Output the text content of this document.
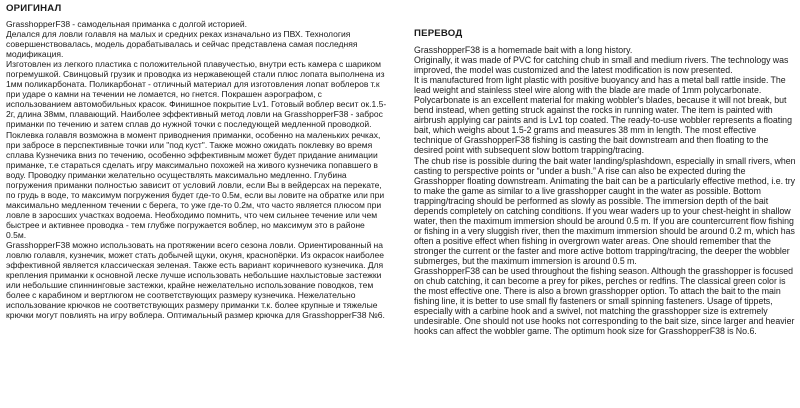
ОРИГИНАЛ

GrasshopperF38 - самодельная приманка с долгой историей.

Делался для ловли голавля на малых и средних реках изначально из ПВХ. Технология совершенствовалась, модель дорабатывалась и сейчас представлена самая последняя модификация.

Изготовлен из легкого пластика с положительной плавучестью, внутри есть камера с шариком погремушкой. Свинцовый грузик и проводка из нержавеющей стали плюс лопата выполнена из 1мм поликарбоната. Поликарбонат - отличный материал для изготовления лопат воблеров т.к при ударе о камни на течении не ломается, но гнется. Покрашен аэрографом, с использованием автомобильных красок. Финишное покрытие Lv1. Готовый воблер весит ок.1.5-2г, длина 38мм, плавающий. Наиболее эффективный метод ловли на GrasshopperF38 - заброс приманки по течению и затем сплав до нужной точки с последующей медленной проводкой.

Поклевка голавля возможна в момент приводнения приманки, особенно на маленьких речках, при забросе в перспективные точки или "под куст". Также можно ожидать поклевку во время сплава Кузнечика вниз по течению, особенно эффективным может будет придание анимации приманке, т.е стараться сделать игру максимально похожей на живого кузнечика попавшего в воду. Проводку приманки желательно осуществлять максимально медленно. Глубина погружения приманки полностью зависит от условий ловли, если Вы в вейдерсах на перекате, по грудь в воде, то максимум погружения будет где-то 0.5м, если вы ловите на обратке или при максимально медленном течении с берега, то уже где-то 0.2м, что часто является плюсом при ловле в заросших участках водоема. Необходимо помнить, что чем сильнее течение или чем быстрее и активнее проводка - тем глубже погружается воблер, но максимум это в районе 0.5м.

GrasshopperF38 можно использовать на протяжении всего сезона ловли. Ориентированный на ловлю голавля, кузнечик, может стать добычей щуки, окуня, краснопёрки. Из окрасок наиболее эффективной является классическая зеленая. Также есть вариант коричневого кузнечика. Для крепления приманки к основной леске лучше использовать небольшие нахлыстовые застежки или небольшие спиннинговые застежки, крайне нежелательно использование поводков, тем более с карабином и вертлюгом не соответствующих размеру кузнечика. Нежелательно использование крючков не соответствующих размеру приманки т.к. более крупные и тяжелые крючки могут повлиять на игру воблера. Оптимальный размер крючка для GrasshopperF38 №6.

ПЕРЕВОД

GrasshopperF38 is a homemade bait with a long history.

Originally, it was made of PVC for catching chub in small and medium rivers. The technology was improved, the model was customized and the latest modification is now presented.

It is manufactured from light plastic with positive buoyancy and has a metal ball rattle inside. The lead weight and stainless steel wire along with the blade are made of 1mm polycarbonate. Polycarbonate is an excellent material for making wobbler's blades, because it will not break, but bend instead, when getting struck against the rocks in running water. The item is painted with airbrush applying car paints and is Lv1 top coated. The ready-to-use wobbler represents a floating bait, which weighs about 1.5-2 grams and measures 38 mm in length. The most effective technique of GrasshopperF38 fishing is casting the bait downstream and then floating to the desired point with subsequent slow bottom trapping/tracing.

The chub rise is possible during the bait water landing/splashdown, especially in small rivers, when casting to perspective points or “under a bush.” A rise can also be expected during the Grasshopper floating downstream. Animating the bait can be a particularly effective method, i.e. try to make the game as similar to a live grasshopper caught in the water as possible. Bottom trapping/tracing should be performed as slowly as possible. The immersion depth of the bait depends completely on catching conditions. If you wear waders up to your chest-height in shallow water, then the maximum immersion should be around 0.5 m. If you are countercurrent flow fishing or fishing in a very sluggish river, then the maximum immersion should be around 0.2 m, which has often a positive effect when fishing in overgrown water areas. One should remember that the stronger the current or the faster and more active bottom trapping/tracing, the deeper the wobbler submerges, but the maximum immersion is around 0.5 m.

GrasshopperF38 can be used throughout the fishing season. Although the grasshopper is focused on chub catching, it can become a prey for pikes, perches or redfins. The classical green color is the most effective one. There is also a brown grasshopper option. To attach the bait to the main fishing line, it is better to use small fly fasteners or small spinning fasteners. Usage of tippets, especially with a carbine hook and a swivel, not matching the grasshopper size is extremely undesirable. One should not use hooks not corresponding to the bait size, since larger and heavier hooks can affect the wobbler game. The optimum hook size for GrasshopperF38 is No.6.
